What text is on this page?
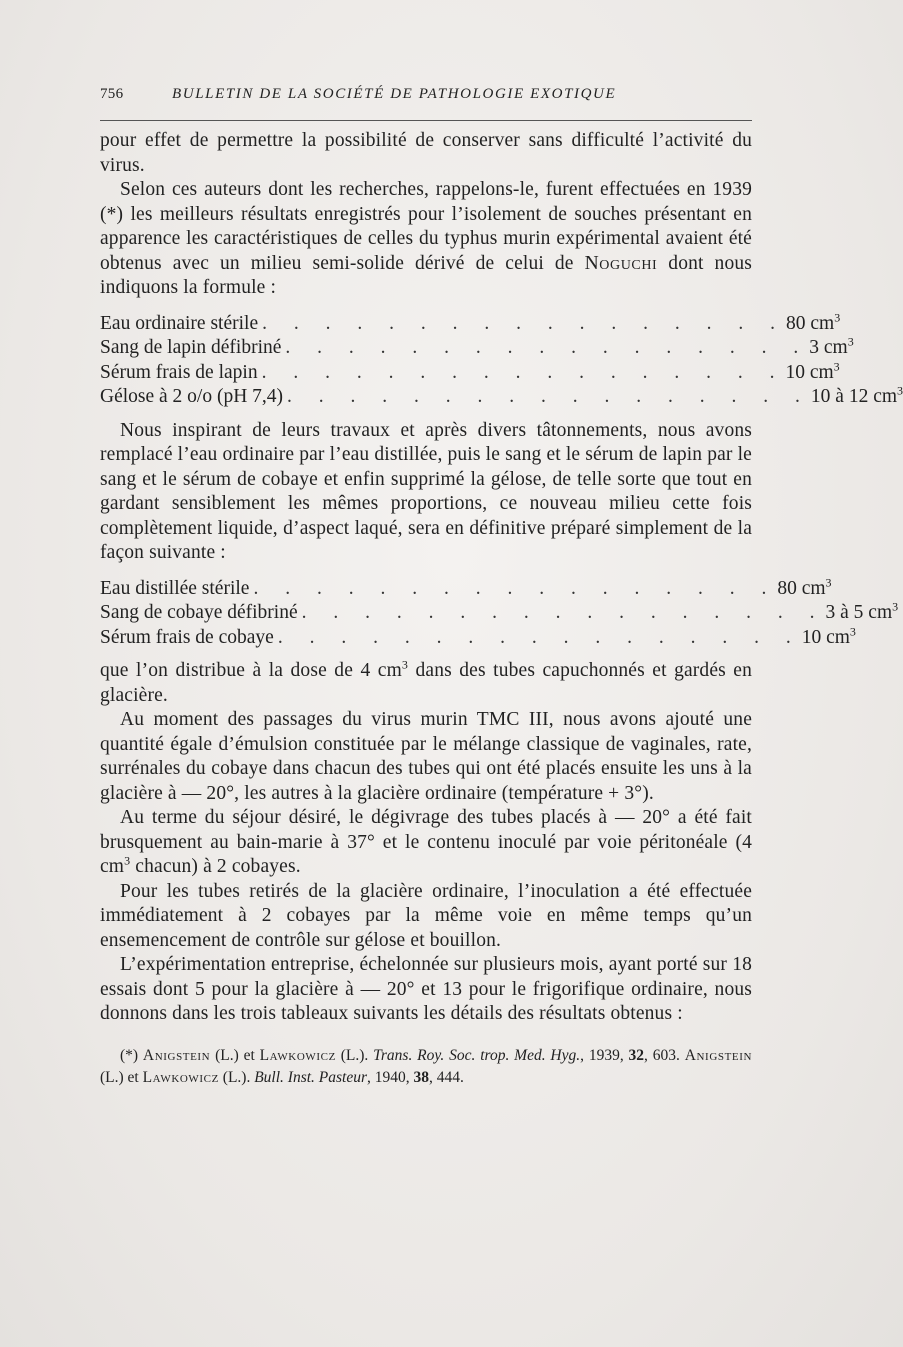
756	BULLETIN DE LA SOCIÉTÉ DE PATHOLOGIE EXOTIQUE

pour effet de permettre la possibilité de conserver sans difficulté l’activité du virus.

Selon ces auteurs dont les recherches, rappelons-le, furent effectuées en 1939 (*) les meilleurs résultats enregistrés pour l’isolement de souches présentant en apparence les caractéristiques de celles du typhus murin expérimental avaient été obtenus avec un milieu semi-solide dérivé de celui de Noguchi dont nous indiquons la formule :

Eau ordinaire stérile . . . . . . . . . . . . . . . . . 80 $cm^3$
Sang de lapin défibriné . . . . . . . . . . . . . . . . . 3 $cm^3$
Sérum frais de lapin . . . . . . . . . . . . . . . . . 10 $cm^3$
Gélose à 2 o/o (pH 7,4) . . . . . . . . . . . . . . . . . 10 à 12 $cm^3$

Nous inspirant de leurs travaux et après divers tâtonnements, nous avons remplacé l’eau ordinaire par l’eau distillée, puis le sang et le sérum de lapin par le sang et le sérum de cobaye et enfin supprimé la gélose, de telle sorte que tout en gardant sensiblement les mêmes proportions, ce nouveau milieu cette fois complètement liquide, d’aspect laqué, sera en définitive préparé simplement de la façon suivante :

Eau distillée stérile . . . . . . . . . . . . . . . . . 80 $cm^3$
Sang de cobaye défibriné . . . . . . . . . . . . . . . . . 3 à 5 $cm^3$
Sérum frais de cobaye . . . . . . . . . . . . . . . . . 10 $cm^3$

que l’on distribue à la dose de 4 $cm^3$ dans des tubes capuchonnés et gardés en glacière.

Au moment des passages du virus murin TMC III, nous avons ajouté une quantité égale d’émulsion constituée par le mélange classique de vaginales, rate, surrénales du cobaye dans chacun des tubes qui ont été placés ensuite les uns à la glacière à — 20°, les autres à la glacière ordinaire (température + 3°).

Au terme du séjour désiré, le dégivrage des tubes placés à — 20° a été fait brusquement au bain-marie à 37° et le contenu inoculé par voie péritonéale (4 $cm^3$ chacun) à 2 cobayes.

Pour les tubes retirés de la glacière ordinaire, l’inoculation a été effectuée immédiatement à 2 cobayes par la même voie en même temps qu’un ensemencement de contrôle sur gélose et bouillon.

L’expérimentation entreprise, échelonnée sur plusieurs mois, ayant porté sur 18 essais dont 5 pour la glacière à — 20° et 13 pour le frigorifique ordinaire, nous donnons dans les trois tableaux suivants les détails des résultats obtenus :

(*) Anigstein (L.) et Lawkowicz (L.). Trans. Roy. Soc. trop. Med. Hyg., 1939, 32, 603. Anigstein (L.) et Lawkowicz (L.). Bull. Inst. Pasteur, 1940, 38, 444.
